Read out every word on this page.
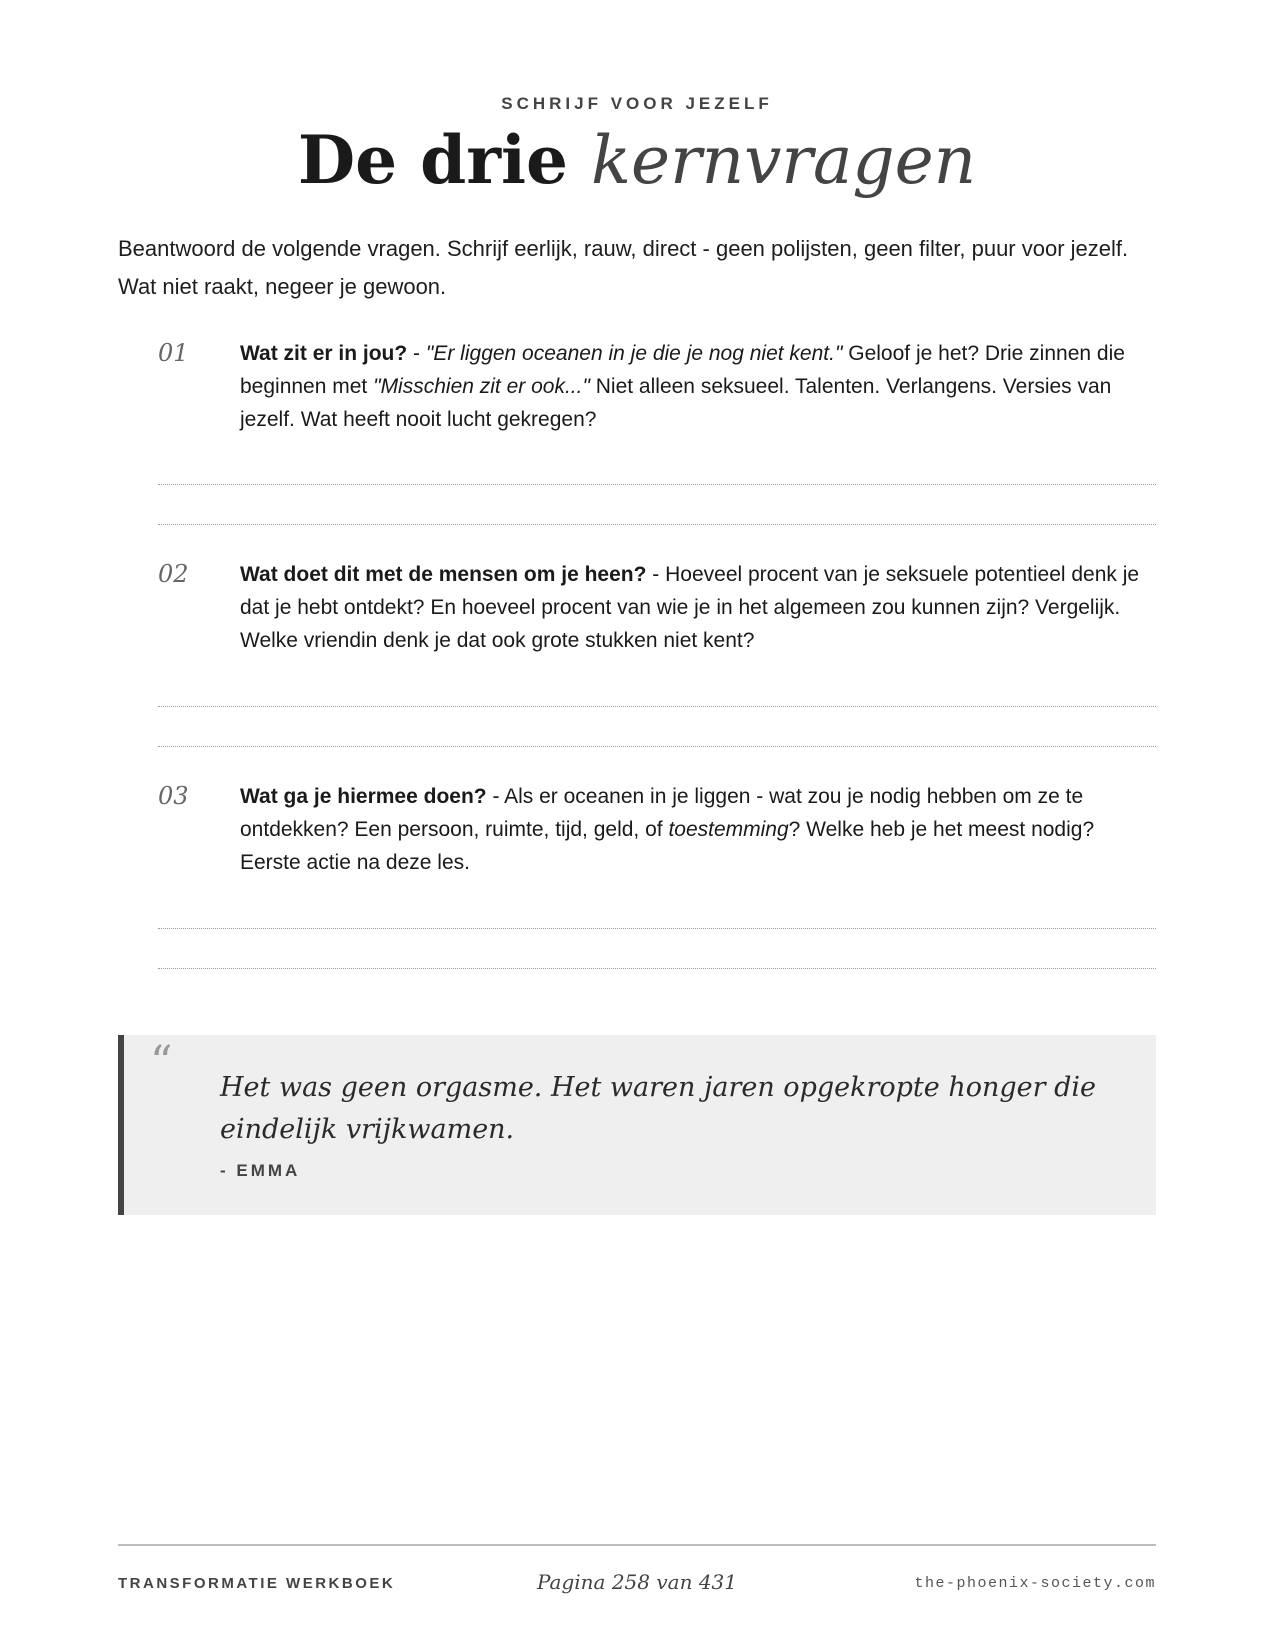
SCHRIJF VOOR JEZELF
De drie kernvragen
Beantwoord de volgende vragen. Schrijf eerlijk, rauw, direct - geen polijsten, geen filter, puur voor jezelf. Wat niet raakt, negeer je gewoon.
01 Wat zit er in jou? - "Er liggen oceanen in je die je nog niet kent." Geloof je het? Drie zinnen die beginnen met "Misschien zit er ook..." Niet alleen seksueel. Talenten. Verlangens. Versies van jezelf. Wat heeft nooit lucht gekregen?
02 Wat doet dit met de mensen om je heen? - Hoeveel procent van je seksuele potentieel denk je dat je hebt ontdekt? En hoeveel procent van wie je in het algemeen zou kunnen zijn? Vergelijk. Welke vriendin denk je dat ook grote stukken niet kent?
03 Wat ga je hiermee doen? - Als er oceanen in je liggen - wat zou je nodig hebben om ze te ontdekken? Een persoon, ruimte, tijd, geld, of toestemming? Welke heb je het meest nodig? Eerste actie na deze les.
“ Het was geen orgasme. Het waren jaren opgekropte honger die eindelijk vrijkwamen.
- EMMA
TRANSFORMATIE WERKBOEK	Pagina 258 van 431	the-phoenix-society.com
